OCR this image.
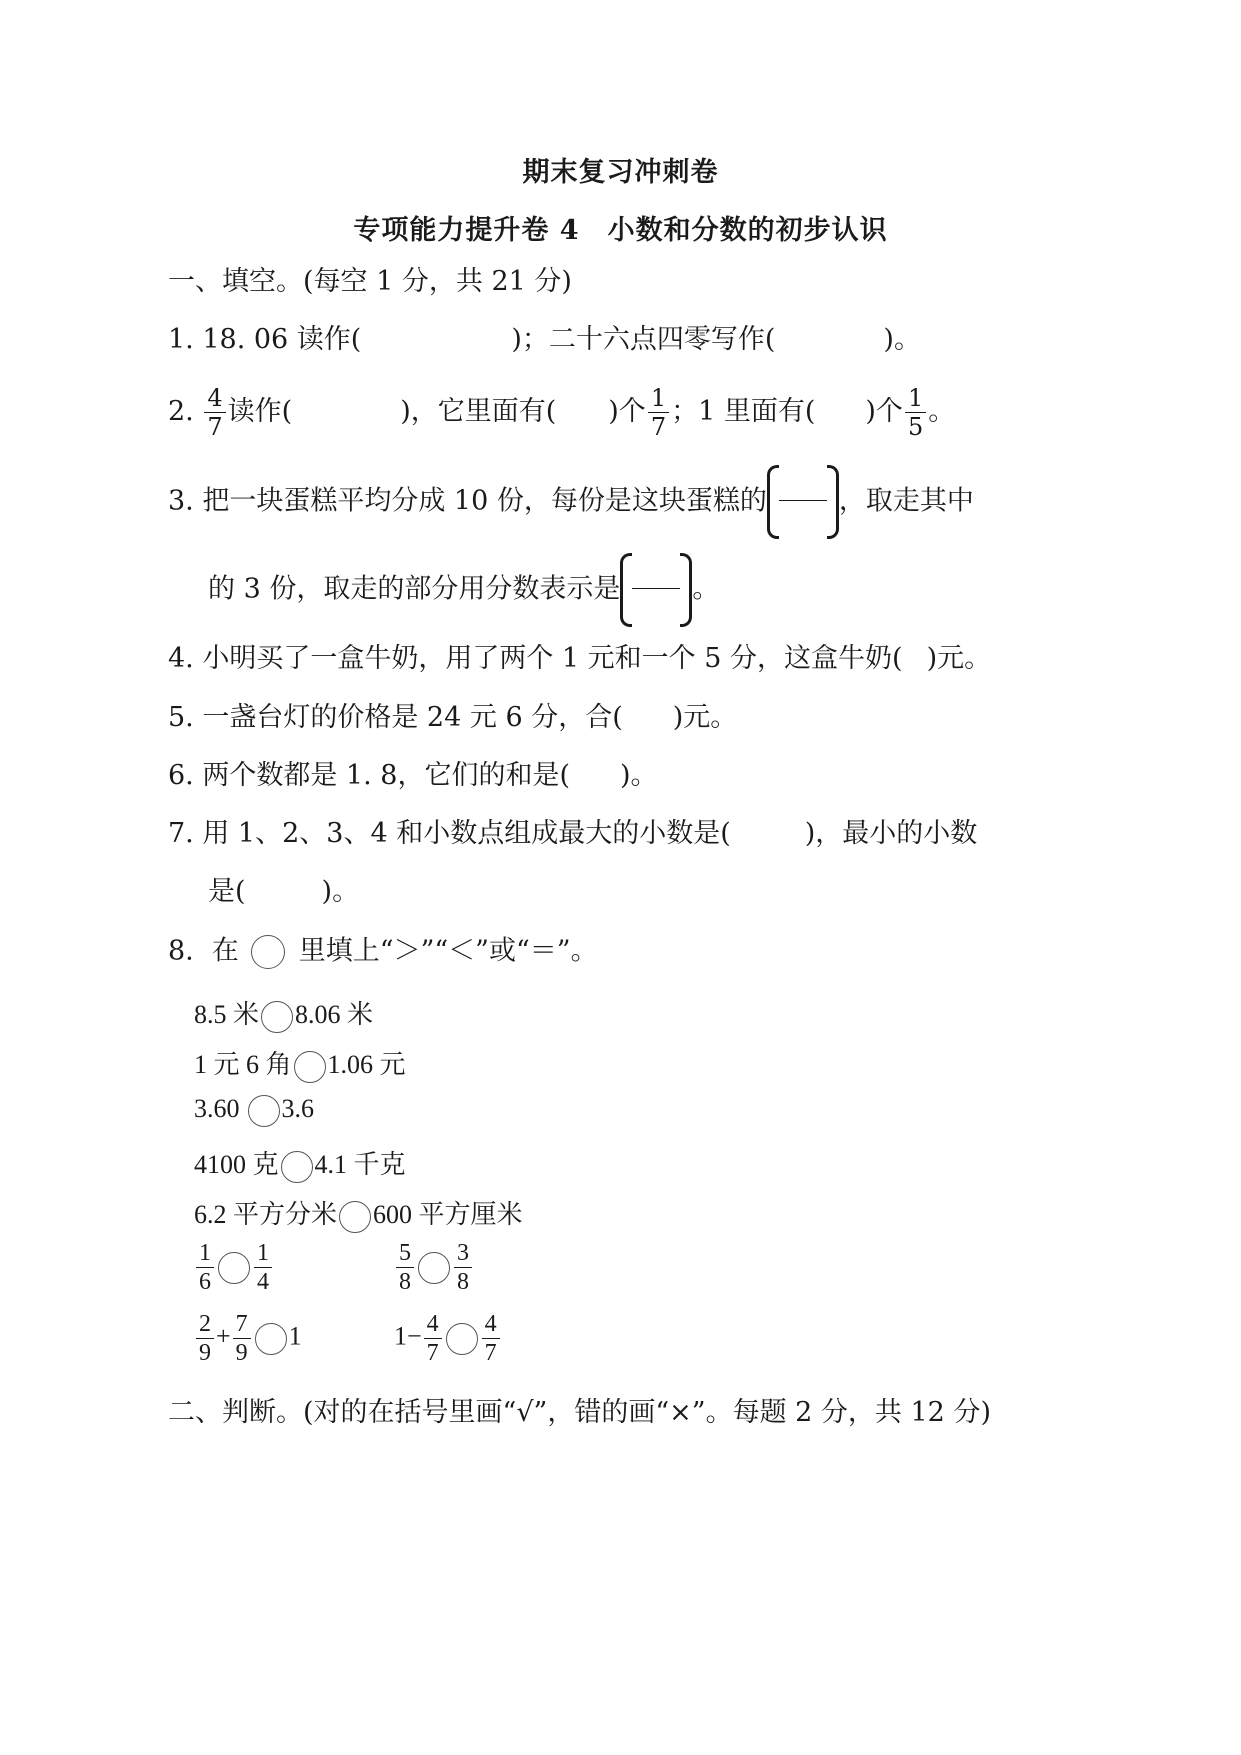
期末复习冲刺卷
专项能力提升卷 4　小数和分数的初步认识
一、填空。(每空 1 分，共 21 分)
1. 18. 06 读作(	)；二十六点四零写作(	)。
2. $\frac{4}{7}$ 读作(	)，它里面有( )个 $\frac{1}{7}$ ；1 里面有( )个 $\frac{1}{5}$ 。
3. 把一块蛋糕平均分成 10 份，每份是这块蛋糕的	，取走其中
的 3 份，取走的部分用分数表示是	。
4. 小明买了一盒牛奶，用了两个 1 元和一个 5 分，这盒牛奶( )元。
5. 一盏台灯的价格是 24 元 6 分，合( )元。
6. 两个数都是 1. 8，它们的和是( )。
7. 用 1、2、3、4 和小数点组成最大的小数是(	)，最小的小数
是(	)。
8. 在 里填上“＞”“＜”或“＝”。
8.5 米 8.06 米
1 元 6 角 1.06 元
3.60 3.6
4100 克 4.1 千克
6.2 平方分米 600 平方厘米
$\frac{1}{6} \frac{1}{4}$	$\frac{5}{8} \frac{3}{8}$
$\frac{2}{9} + \frac{7}{9} 1$	$1- \frac{4}{7} \frac{4}{7}$
二、判断。(对的在括号里画“√”，错的画“×”。每题 2 分，共 12 分)
